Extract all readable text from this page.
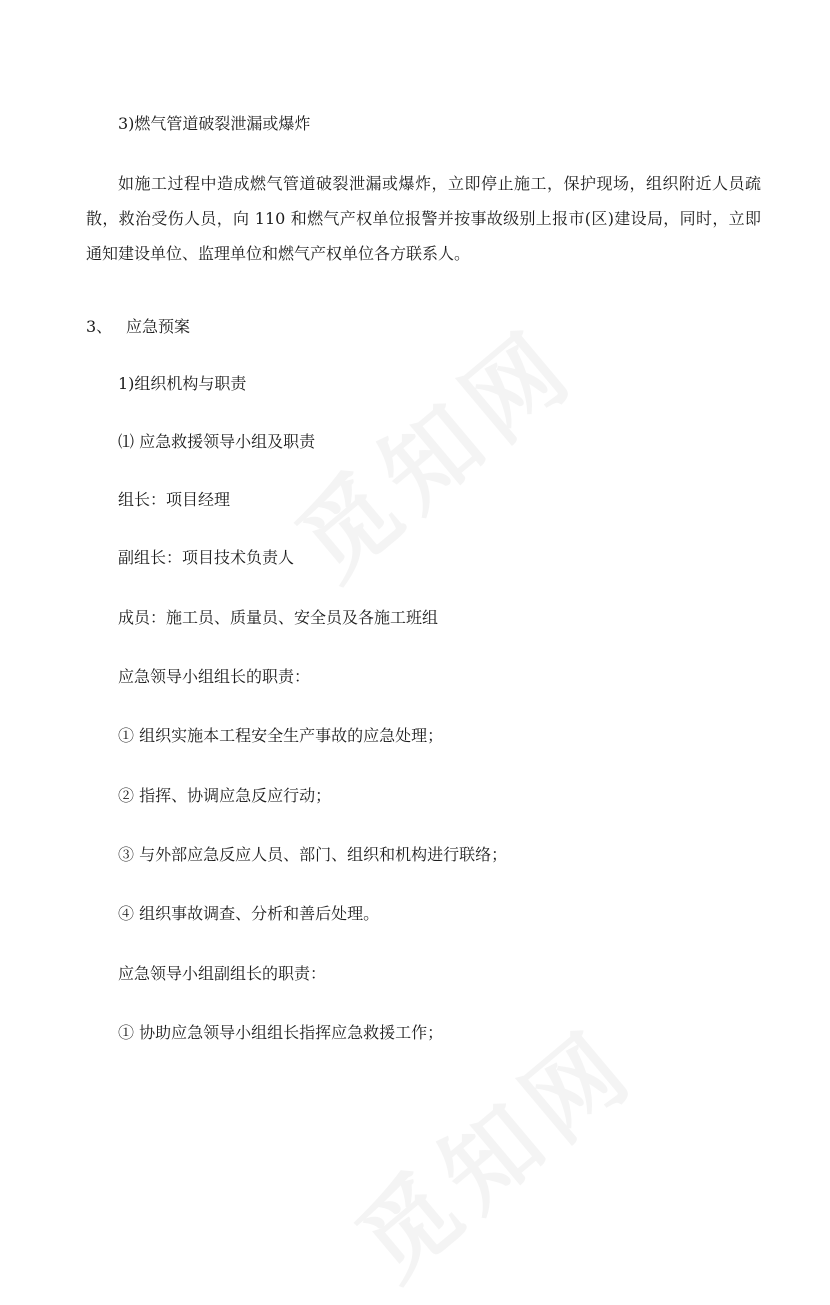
3)燃气管道破裂泄漏或爆炸
如施工过程中造成燃气管道破裂泄漏或爆炸，立即停止施工，保护现场，组织附近人员疏散，救治受伤人员，向 110 和燃气产权单位报警并按事故级别上报市(区)建设局，同时，立即通知建设单位、监理单位和燃气产权单位各方联系人。
3、 应急预案
1)组织机构与职责
⑴ 应急救援领导小组及职责
组长：项目经理
副组长：项目技术负责人
成员：施工员、质量员、安全员及各施工班组
应急领导小组组长的职责：
① 组织实施本工程安全生产事故的应急处理；
② 指挥、协调应急反应行动；
③ 与外部应急反应人员、部门、组织和机构进行联络；
④ 组织事故调查、分析和善后处理。
应急领导小组副组长的职责：
① 协助应急领导小组组长指挥应急救援工作；
